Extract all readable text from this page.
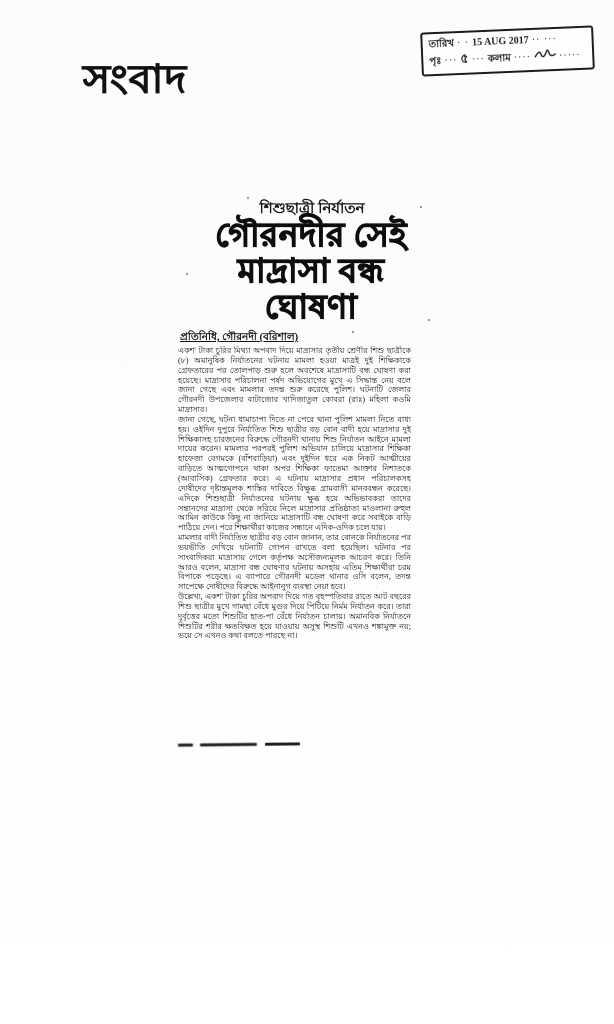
সংবাদ
তারিখ · · 15 AUG 2017 ·· ···
পৃঃ ··· ৫ ··· কলাম ····	·····
শিশুছাত্রী নির্যাতন
গৌরনদীর সেই
মাদ্রাসা বন্ধ
ঘোষণা
প্রতিনিধি, গৌরনদী (বরিশাল)

একশ' টাকা চুরির মিথ্যা অপবাদ দিয়ে মাদ্রাসার তৃতীয় শ্রেণীর শিশু ছাত্রীকে (৮) অমানুষিক নির্যাতনের ঘটনায় মামলা হওয়া মাত্রই দুই শিক্ষিকাকে গ্রেফতারের পর তোলপাড় শুরু হলে অবশেষে মাদ্রাসাটি বন্ধ ঘোষণা করা হয়েছে। মাদ্রাসার পরিচালনা পর্ষদ অভিযোগের মুখে এ সিদ্ধান্ত নেয় বলে জানা গেছে এবং মামলার তদন্ত শুরু করেছে পুলিশ। ঘটনাটি জেলার গৌরনদী উপজেলার বাটাজোর খাদিজাতুল কোবরা (রাঃ) মহিলা কওমি মাদ্রাসার।

জানা গেছে, ঘটনা ধামাচাপা দিতে না পেরে থানা পুলিশ মামলা নিতে বাধ্য হয়। ওইদিন দুপুরে নির্যাতিত শিশু ছাত্রীর বড় বোন বাদী হয়ে মাদ্রাসার দুই শিক্ষিকাসহ চারজনের বিরুদ্ধে গৌরনদী থানায় শিশু নির্যাতন আইনে মামলা দায়ের করেন। মামলার পরপরই পুলিশ অভিযান চালিয়ে মাদ্রাসার শিক্ষিকা হাফেজা বেগমকে (বাঁশবাড়িয়া) এবং দুইদিন ধরে এক নিকট আত্মীয়ের বাড়িতে আত্মগোপনে থাকা অপর শিক্ষিকা ফাতেমা আক্তার নিশাতকে (আবাসিক) গ্রেফতার করে। এ ঘটনায় মাদ্রাসার প্রধান পরিচালকসহ দোষীদের দৃষ্টান্তমূলক শাস্তির দাবিতে বিক্ষুব্ধ গ্রামবাসী মানববন্ধন করেছে। এদিকে শিশুছাত্রী নির্যাতনের ঘটনায় ক্ষুব্ধ হয়ে অভিভাবকরা তাদের সন্তানদের মাদ্রাসা থেকে সরিয়ে নিলে মাদ্রাসার প্রতিষ্ঠাতা মাওলানা রুহুল আমিন কাউকে কিছু না জানিয়ে মাদ্রাসাটি বন্ধ ঘোষণা করে সবাইকে বাড়ি পাঠিয়ে দেন। পরে শিক্ষার্থীরা কাজের সন্ধানে এদিক-ওদিক চলে যায়।

মামলার বাদী নির্যাতিত ছাত্রীর বড় বোন জানান, তার বোনকে নির্যাতনের পর ভয়ভীতি দেখিয়ে ঘটনাটি গোপন রাখতে বলা হয়েছিল। ঘটনার পর সাংবাদিকরা মাদ্রাসায় গেলে কর্তৃপক্ষ অসৌজন্যমূলক আচরণ করে। তিনি আরও বলেন, মাদ্রাসা বন্ধ ঘোষণার ঘটনায় অসহায় এতিম শিক্ষার্থীরা চরম বিপাকে পড়েছে। এ ব্যাপারে গৌরনদী মডেল থানার ওসি বলেন, তদন্ত সাপেক্ষে দোষীদের বিরুদ্ধে আইনানুগ ব্যবস্থা নেয়া হবে।

উল্লেখ্য, একশ' টাকা চুরির অপবাদ দিয়ে গত বৃহস্পতিবার রাতে আট বছরের শিশু ছাত্রীর মুখে গামছা বেঁধে মুগুর দিয়ে পিটিয়ে নির্মম নির্যাতন করে। তারা দুর্বৃত্তের মতো শিশুটির হাত-পা বেঁধে নির্যাতন চালায়। অমানবিক নির্যাতনে শিশুটির শরীর ক্ষতবিক্ষত হয়ে যাওয়ায় অসুস্থ শিশুটি এখনও শঙ্কামুক্ত নয়; ভয়ে সে এখনও কথা বলতে পারছে না।
